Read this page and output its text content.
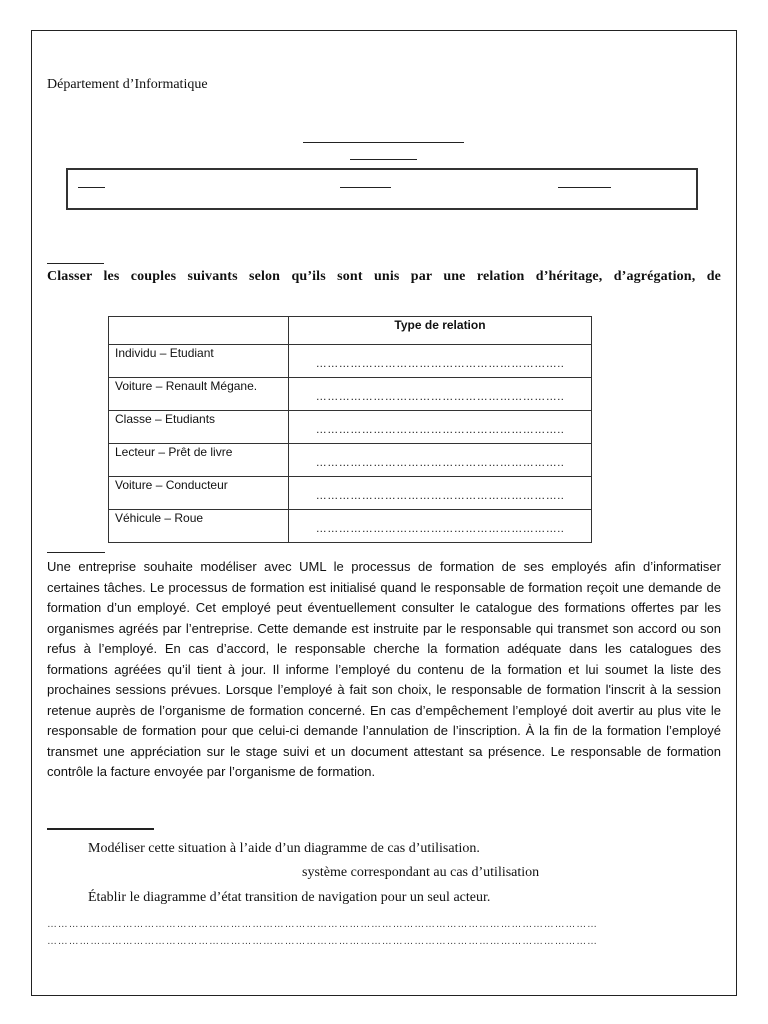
Département d’Informatique
Classer les couples suivants selon qu’ils sont unis par une relation d’héritage, d’agrégation, de
	Type de relation
Individu – Etudiant	………………………………………………………..
Voiture – Renault Mégane.	………………………………………………………..
Classe – Etudiants	………………………………………………………..
Lecteur – Prêt de livre	………………………………………………………..
Voiture – Conducteur	………………………………………………………..
Véhicule – Roue	………………………………………………………..
Une entreprise souhaite modéliser avec UML le processus de formation de ses employés afin d’informatiser certaines tâches. Le processus de formation est initialisé quand le responsable de formation reçoit une demande de formation d’un employé. Cet employé peut éventuellement consulter le catalogue des formations offertes par les organismes agréés par l’entreprise. Cette demande est instruite par le responsable qui transmet son accord ou son refus à l’employé. En cas d’accord, le responsable cherche la formation adéquate dans les catalogues des formations agréées qu’il tient à jour. Il informe l’employé du contenu de la formation et lui soumet la liste des prochaines sessions prévues. Lorsque l’employé à fait son choix, le responsable de formation l'inscrit à la session retenue auprès de l’organisme de formation concerné. En cas d’empêchement l’employé doit avertir au plus vite le responsable de formation pour que celui-ci demande l’annulation de l’inscription. À la fin de la formation l’employé transmet une appréciation sur le stage suivi et un document attestant sa présence. Le responsable de formation contrôle la facture envoyée par l’organisme de formation.
Modéliser cette situation à l’aide d’un diagramme de cas d’utilisation.
système correspondant au cas d’utilisation
Établir le diagramme d’état transition de navigation pour un seul acteur.
………………………………………………………………………………………………………………………………………
………………………………………………………………………………………………………………………………………
